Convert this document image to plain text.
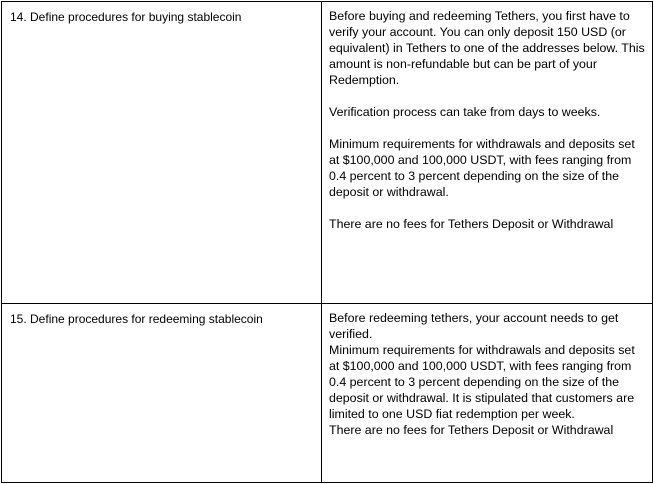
14. Define procedures for buying stablecoin	Before buying and redeeming Tethers, you first have to verify your account. You can only deposit 150 USD (or equivalent) in Tethers to one of the addresses below. This amount is non-refundable but can be part of your Redemption.

Verification process can take from days to weeks.

Minimum requirements for withdrawals and deposits set at $100,000 and 100,000 USDT, with fees ranging from 0.4 percent to 3 percent depending on the size of the deposit or withdrawal.

There are no fees for Tethers Deposit or Withdrawal

15. Define procedures for redeeming stablecoin	Before redeeming tethers, your account needs to get verified.

Minimum requirements for withdrawals and deposits set at $100,000 and 100,000 USDT, with fees ranging from 0.4 percent to 3 percent depending on the size of the deposit or withdrawal. It is stipulated that customers are limited to one USD fiat redemption per week.

There are no fees for Tethers Deposit or Withdrawal
